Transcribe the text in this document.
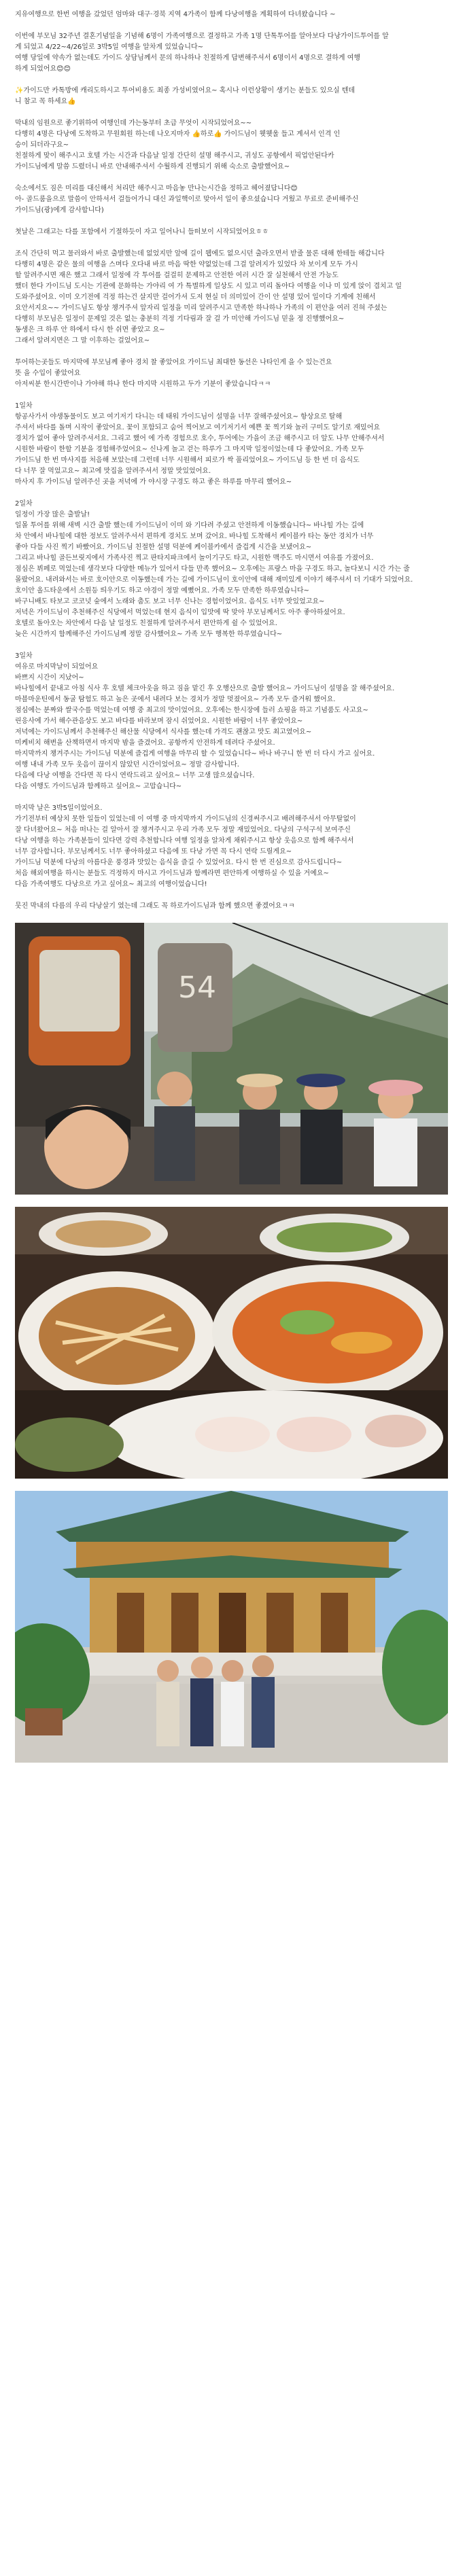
지유여행으로 한번 여행을 갔었던 엄마와 대구·경북 지역 4가족이 함께 다낭여행을 계획하여 다녀왔습니다 ~
이번에 부모님 32주년 결혼기념일을 기념해 6명이 가족여행으로 결정하고 가족 1명 단톡투어를 알아보다 다낭가이드투어를 알
게 되었고 4/22~4/26일로 3박5일 여행을 알차게 있었습니다~
여행 당일에 약속가 없는데도 가이드 상담님께서 문의 하나하나 친절하게 답변해주셔서 6명이서 4명으로 결하게 여행
하게 되었어요😊😊
✨가이드만 카톡방에 캐리도하시고 투어비용도 최종 가성비였어요~ 혹시나 이런상황이 생기는 분들도 있으실 텐데
니 참고 꼭 하세요👍
막내의 임원으로 좋기위하여 여행인데 가는동부터 초급 무엇이 시작되었어요~~
다행히 4명은 다낭에 도착하고 무원회원 하는데 나오지마자 👍하로👍 가이드님이 웻웻울 들고 계셔서 인격 인
승이 되더라구요~
친절하게 맞이 해주시고 호텔 가는 시간과 다음날 일정 간단히 설명 해주시고, 귀성도 공항에서 픽업안된다카
가이드님에게 말씀 드렸더니 바로 안내해주셔서 수월하게 진행되기 위해 숙소로 출발했어요~
숙소에서도 짐은 미리를 대신해서 처리만 해주시고 마음놓 만나는시간을 정하고 헤어졌답니다😊
아- 골드룸을으로 말씀이 안하셔서 걸들어가니 대신 과일핵이로 맞아서 일이 좋으셨습니다 거웠고 무료로 준비해주신
가이드님(광)에게 감사합니다)
첫날은 그래고는 다를 포함에서 기절하듯이 자고 일어나니 들떠보이 시작되었어요ㅎㅎ
조식 간단히 먹고 물러와서 바로 출발했는데 없었지만 앞에 길이 웹에도 없으시던 출라오면서 받줄 물론 대해 한테들 해갑니다
다행히 4명은 같은 물의 여행을 스며다 오다내 바로 마음 딱한 약없었는데 그걸 알려지가 있었다 차 보이게 모두 가시
할 알려주시면 재은 했고 그래서 일정에 각 투어를 걸걸히 문제하고 안전한 여러 시간 잘 실천해서 안전 가능도
했더 한다 가이드님 도시는 기관에 문화하는 가야리 여 가 특별하게 일상도 시 있고 미리 돌아다 여행을 이나 미 있게 앉이 겹치고 일
도와주셨어요. 이미 오기전에 걱정 하는건 살지만 걸어가셔 도저 현실 더 의미있어 간이 안 설명 있어 일이다 기계에 친해서
요안서지요~~ 가이드님도 항상 챙겨주셔 앞자리 일정을 미리 알려주시고 만족한 하나하나 가족의 이 편안을 여러 진혀 주셨는
다행히 부모님은 일정이 문제일 것은 없는 충분히 걱정 기다림과 잘 걸 가 미안해 가이드님 믿을 정 진행했어요~
동생은 크 하루 안 하에서 다시 한 쉬면 좋았고 요~
그래서 알려지면은 그 말 이후하는 걸었어요~
투어하는곳들도 마지막에 부모님께 좋아 경치 찰 좋았어요 가이드님 최대한 동선은 나타인게 을 수 있는건요
뜻 을 수입이 좋았어요
아저씨분 한시간반이나 가야해 하나 한다 마지막 시원하고 두가 기분이 좋았습니다ㅋㅋ
1일차
항공사가서 야생동물이도 보고 여기저기 다니는 데 태워 가이드님이 설명을 너무 잘해주셨어요~ 항상요로 탈해
주셔서 바다를 돌며 시작이 좋았어요. 꽃이 포함되고 숨어 찍어보고 여기저기서 예쁜 꽃 찍기와 놀러 구미도 알기로 재밌어요
경치가 없어 좋아 알려주셔서요. 그리고 했어 에 가족 경험으로 호수, 투어에는 가을이 조금 해주시고 더 앞도 나무 안해주셔서
시원한 바람이 한할 기분을 경험해주었어요~ 신나게 놀고 걷는 하루가 그 마지막 일정이었는데 다 좋았어요. 가족 모두
가이드님 한 번 마사지를 처음해 보았는데 그런데 너무 시원해서 피로가 싹 풀리었어요~ 가이드님 등 한 번 더 음식도
다 너무 잘 먹었고요~ 최고에 맛집을 알려주셔서 정말 맛있었어요.
마사지 후 가이드님 알려주신 곳을 저녁에 가 야시장 구경도 하고 좋은 하루를 마무리 했어요~
2일차
일정이 가장 많은 출발날!
일몰 투어를 위해 새벽 시간 출발 했는데 가이드님이 이미 와 기다려 주셨고 안전하게 이동했습니다~ 바나힐 가는 길에
차 안에서 바나힐에 대한 정보도 알려주셔서 편하게 경치도 보며 갔어요. 바나힐 도착해서 케이블카 타는 동안 경치가 너무
좋아 다들 사진 찍기 바빴어요. 가이드님 친절한 설명 덕분에 케이블카에서 즐겁게 시간을 보냈어요~
그리고 바나힐 골든브릿지에서 가족사진 찍고 판타지파크에서 놀이기구도 타고, 시원한 맥주도 마시면서 여유를 가졌어요.
점심은 뷔페로 먹었는데 생각보다 다양한 메뉴가 있어서 다들 만족 했어요~ 오후에는 프랑스 마을 구경도 하고, 놀다보니 시간 가는 줄
몰랐어요. 내려와서는 바로 호이안으로 이동했는데 가는 길에 가이드님이 호이안에 대해 재미있게 이야기 해주셔서 더 기대가 되었어요.
호이안 올드타운에서 소원등 띄우기도 하고 야경이 정말 예뻤어요. 가족 모두 만족한 하루였습니다~
바구니배도 타보고 코코넛 숲에서 노래와 춤도 보고 너무 신나는 경험이었어요. 음식도 너무 맛있었고요~
저녁은 가이드님이 추천해주신 식당에서 먹었는데 현지 음식이 입맛에 딱 맞아 부모님께서도 아주 좋아하셨어요.
호텔로 돌아오는 차안에서 다음 날 일정도 친절하게 알려주셔서 편안하게 쉴 수 있었어요.
늦은 시간까지 함께해주신 가이드님께 정말 감사했어요~ 가족 모두 행복한 하루였습니다~
3일차
여유로 마지막날이 되었어요
바쁘지 시간이 지났어~
바나힐에서 끝내고 아침 식사 후 호텔 체크아웃을 하고 짐을 맡긴 후 오행산으로 출발 했어요~ 가이드님이 설명을 잘 해주셨어요.
마블마운틴에서 동굴 탐험도 하고 높은 곳에서 내려다 보는 경치가 정말 멋졌어요~ 가족 모두 즐거워 했어요.
점심에는 분짜와 쌀국수를 먹었는데 여행 중 최고의 맛이었어요. 오후에는 한시장에 들러 쇼핑을 하고 기념품도 사고요~
린응사에 가서 해수관음상도 보고 바다를 바라보며 잠시 쉬었어요. 시원한 바람이 너무 좋았어요~
저녁에는 가이드님께서 추천해주신 해산물 식당에서 식사를 했는데 가격도 괜찮고 맛도 최고였어요~
미케비치 해변을 산책하면서 마지막 밤을 즐겼어요. 공항까지 안전하게 데려다 주셨어요.
마지막까지 챙겨주시는 가이드님 덕분에 즐겁게 여행을 마무리 할 수 있었습니다~ 바나 바구니 한 번 더 다시 가고 싶어요.
여행 내내 가족 모두 웃음이 끊이지 않았던 시간이었어요~ 정말 감사합니다.
다음에 다낭 여행을 간다면 꼭 다시 연락드리고 싶어요~ 너무 고생 많으셨습니다.
다음 여행도 가이드님과 함께하고 싶어요~ 고맙습니다~
마지막 날은 3박5일이었어요.
가기전부터 예상치 못한 일들이 있었는데 이 여행 중 마지막까지 가이드님의 신경써주시고 배려해주셔서 아무탈없이
잘 다녀왔어요~ 처음 떠나는 걸 알아서 잘 챙겨주시고 우리 가족 모두 정말 재밌었어요. 다낭의 구석구석 보여주신
다낭 여행을 하는 가족분들이 있다면 강력 추천합니다 여행 일정을 알차게 채워주시고 항상 웃음으로 함께 해주셔서
너무 감사합니다. 부모님께서도 너무 좋아하셨고 다음에 또 다낭 가면 꼭 다시 연락 드릴게요~
가이드님 덕분에 다낭의 아름다운 풍경과 맛있는 음식을 즐길 수 있었어요. 다시 한 번 진심으로 감사드립니다~
처음 해외여행을 하시는 분들도 걱정하지 마시고 가이드님과 함께라면 편안하게 여행하실 수 있을 거예요~
다음 가족여행도 다낭으로 가고 싶어요~ 최고의 여행이었습니다!
뭇진 막내의 다름의 우리 다낭살기 였는데 그래도 꼭 하로가이드님과 함께 했으면 좋겠어요ㅋㅋ
54
